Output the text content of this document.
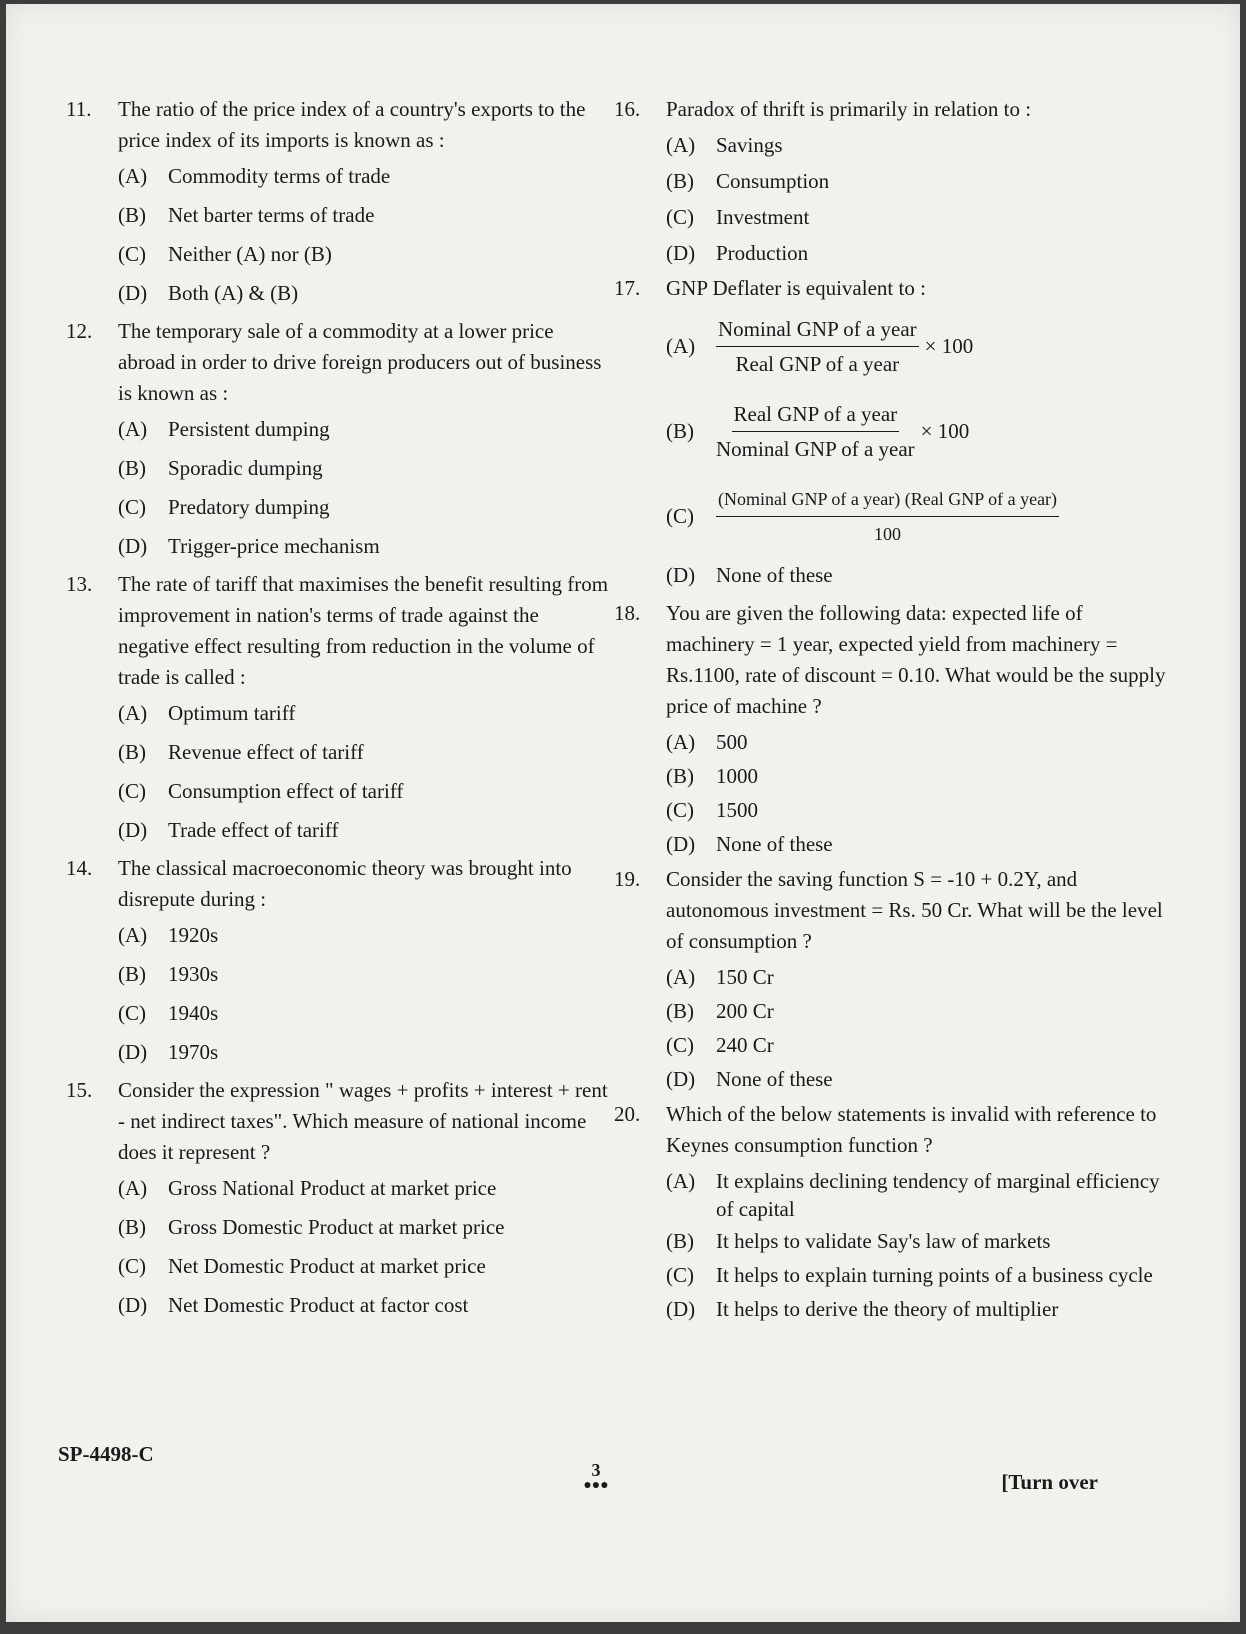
11. The ratio of the price index of a country's exports to the price index of its imports is known as :
(A) Commodity terms of trade
(B)	Net barter terms of trade
(C)	Neither (A) nor (B)
(D) Both (A) & (B)
12. The temporary sale of a commodity at a lower price abroad in order to drive foreign producers out of business is known as :
(A) Persistent dumping
(B)	Sporadic dumping
(C)	Predatory dumping
(D) Trigger-price mechanism
13. The rate of tariff that maximises the benefit resulting from improvement in nation's terms of trade against the negative effect resulting from reduction in the volume of trade is called :
(A) Optimum tariff
(B)	Revenue effect of tariff
(C)	Consumption effect of tariff
(D) Trade effect of tariff
14. The classical macroeconomic theory was brought into disrepute during :
(A) 1920s
(B)	1930s
(C)	1940s
(D) 1970s
15. Consider the expression " wages + profits + interest + rent - net indirect taxes". Which measure of national income does it represent ?
(A) Gross National Product at market price
(B)	Gross Domestic Product at market price
(C)	Net Domestic Product at market price
(D) Net Domestic Product at factor cost
16. Paradox of thrift is primarily in relation to :
(A) Savings
(B)	Consumption
(C)	Investment
(D) Production
17. GNP Deflater is equivalent to :
$(A) \frac{\text{Nominal GNP of a year}}{\text{Real GNP of a year}} \times 100$
(B)	$\frac{\text{Real GNP of a year}}{\text{Nominal GNP of a year}} \times 100$
(C)	$\frac{\text{(Nominal GNP of a year) (Real GNP of a year)}}{100}$
(D) None of these
18. You are given the following data: expected life of machinery = 1 year, expected yield from machinery = Rs.1100, rate of discount = 0.10. What would be the supply price of machine ?
(A) 500
(B)	1000
(C)	1500
(D) None of these
19. Consider the saving function S = -10 + 0.2Y, and autonomous investment = Rs. 50 Cr. What will be the level of consumption ?
(A) 150 Cr
(B)	200 Cr
(C)	240 Cr
(D) None of these
20. Which of the below statements is invalid with reference to Keynes consumption function ?
(A) It explains declining tendency of marginal efficiency of capital
(B)	It helps to validate Say's law of markets
(C)	It helps to explain turning points of a business cycle
(D) It helps to derive the theory of multiplier
SP-4498-C
3
●●●	[Turn over
